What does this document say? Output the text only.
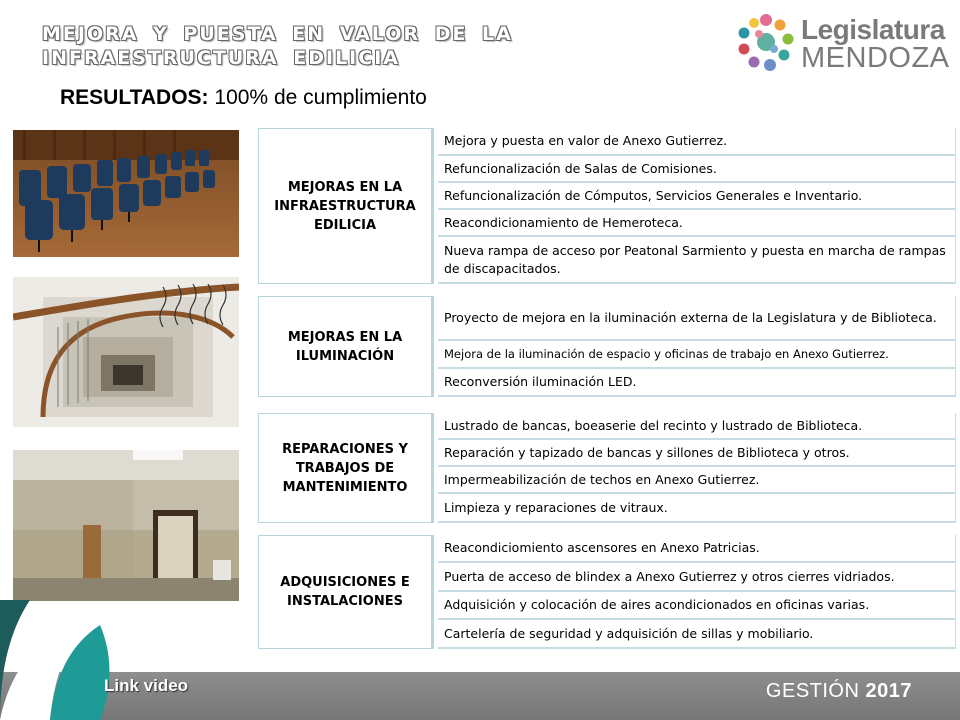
MEJORA Y PUESTA EN VALOR DE LA INFRAESTRUCTURA EDILICIA
Legislatura
MENDOZA
RESULTADOS: 100% de cumplimiento
MEJORAS EN LA INFRAESTRUCTURA EDILICIA
Mejora y puesta en valor de Anexo Gutierrez.
Refuncionalización de Salas de Comisiones.
Refuncionalización de Cómputos, Servicios Generales e Inventario.
Reacondicionamiento de Hemeroteca.
Nueva rampa de acceso por Peatonal Sarmiento y puesta en marcha de rampas de discapacitados.
MEJORAS EN LA ILUMINACIÓN
Proyecto de mejora en la iluminación externa de la Legislatura y de Biblioteca.
Mejora de la iluminación de espacio y oficinas de trabajo en Anexo Gutierrez.
Reconversión iluminación LED.
REPARACIONES Y TRABAJOS DE MANTENIMIENTO
Lustrado de bancas, boeaserie del recinto y lustrado de Biblioteca.
Reparación y tapizado de bancas y sillones de Biblioteca y otros.
Impermeabilización de techos en Anexo Gutierrez.
Limpieza y reparaciones de vitraux.
ADQUISICIONES E INSTALACIONES
Reacondiciomiento ascensores en Anexo Patricias.
Puerta de acceso de blindex a Anexo Gutierrez y otros cierres vidriados.
Adquisición y colocación de aires acondicionados en oficinas varias.
Cartelería de seguridad y adquisición de sillas y mobiliario.
Link video	GESTIÓN 2017
